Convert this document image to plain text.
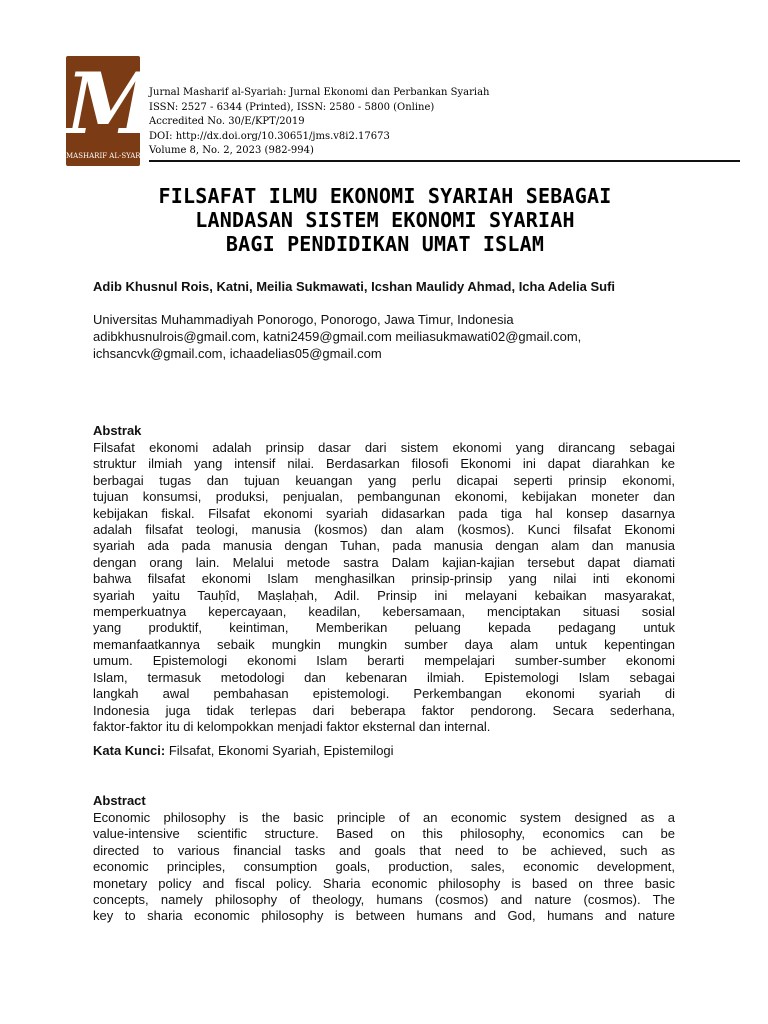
M
MASHARIF AL-SYARIAH
Jurnal Masharif al-Syariah: Jurnal Ekonomi dan Perbankan Syariah
ISSN: 2527 - 6344 (Printed), ISSN: 2580 - 5800 (Online)
Accredited No. 30/E/KPT/2019
DOI: http://dx.doi.org/10.30651/jms.v8i2.17673
Volume 8, No. 2, 2023 (982-994)
FILSAFAT ILMU EKONOMI SYARIAH SEBAGAI
LANDASAN SISTEM EKONOMI SYARIAH
BAGI PENDIDIKAN UMAT ISLAM
Adib Khusnul Rois, Katni, Meilia Sukmawati, Icshan Maulidy Ahmad, Icha Adelia Sufi
Universitas Muhammadiyah Ponorogo, Ponorogo, Jawa Timur, Indonesia
adibkhusnulrois@gmail.com, katni2459@gmail.com meiliasukmawati02@gmail.com,
ichsancvk@gmail.com, ichaadelias05@gmail.com
Abstrak
Filsafat ekonomi adalah prinsip dasar dari sistem ekonomi yang dirancang sebagai
struktur ilmiah yang intensif nilai. Berdasarkan filosofi Ekonomi ini dapat diarahkan ke
berbagai tugas dan tujuan keuangan yang perlu dicapai seperti prinsip ekonomi,
tujuan konsumsi, produksi, penjualan, pembangunan ekonomi, kebijakan moneter dan
kebijakan fiskal. Filsafat ekonomi syariah didasarkan pada tiga hal konsep dasarnya
adalah filsafat teologi, manusia (kosmos) dan alam (kosmos). Kunci filsafat Ekonomi
syariah ada pada manusia dengan Tuhan, pada manusia dengan alam dan manusia
dengan orang lain. Melalui metode sastra Dalam kajian-kajian tersebut dapat diamati
bahwa filsafat ekonomi Islam menghasilkan prinsip-prinsip yang nilai inti ekonomi
syariah yaitu Tauḥîd, Maṣlaḥah, Adil. Prinsip ini melayani kebaikan masyarakat,
memperkuatnya kepercayaan, keadilan, kebersamaan, menciptakan situasi sosial
yang produktif, keintiman, Memberikan peluang kepada pedagang untuk
memanfaatkannya sebaik mungkin mungkin sumber daya alam untuk kepentingan
umum. Epistemologi ekonomi Islam berarti mempelajari sumber-sumber ekonomi
Islam, termasuk metodologi dan kebenaran ilmiah. Epistemologi Islam sebagai
langkah awal pembahasan epistemologi. Perkembangan ekonomi syariah di
Indonesia juga tidak terlepas dari beberapa faktor pendorong. Secara sederhana,
faktor-faktor itu di kelompokkan menjadi faktor eksternal dan internal.
Kata Kunci: Filsafat, Ekonomi Syariah, Epistemilogi
Abstract
Economic philosophy is the basic principle of an economic system designed as a
value-intensive scientific structure. Based on this philosophy, economics can be
directed to various financial tasks and goals that need to be achieved, such as
economic principles, consumption goals, production, sales, economic development,
monetary policy and fiscal policy. Sharia economic philosophy is based on three basic
concepts, namely philosophy of theology, humans (cosmos) and nature (cosmos). The
key to sharia economic philosophy is between humans and God, humans and nature
